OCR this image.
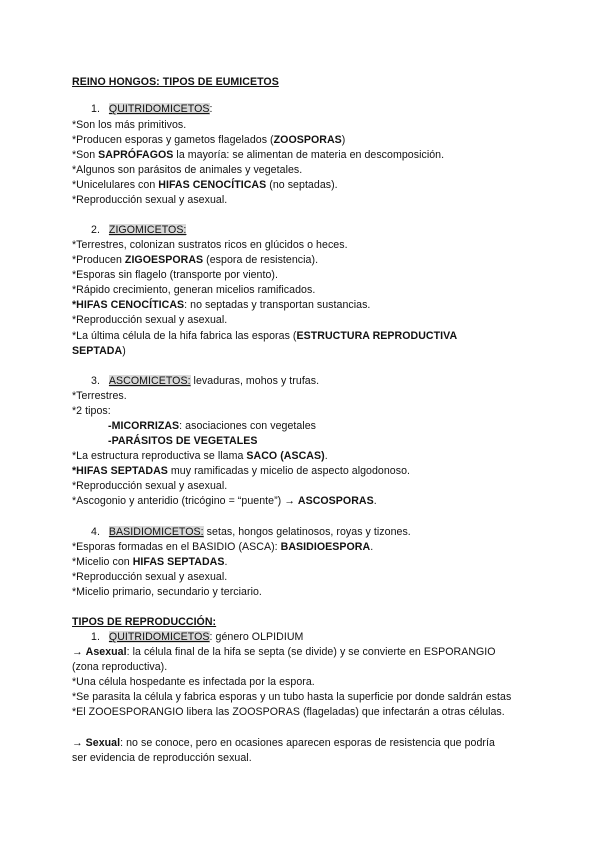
REINO HONGOS: TIPOS DE EUMICETOS
1. QUITRIDOMICETOS:
*Son los más primitivos.
*Producen esporas y gametos flagelados (ZOOSPORAS)
*Son SAPRÓFAGOS la mayoría: se alimentan de materia en descomposición.
*Algunos son parásitos de animales y vegetales.
*Unicelulares con HIFAS CENOCÍTICAS (no septadas).
*Reproducción sexual y asexual.
2. ZIGOMICETOS:
*Terrestres, colonizan sustratos ricos en glúcidos o heces.
*Producen ZIGOESPORAS (espora de resistencia).
*Esporas sin flagelo (transporte por viento).
*Rápido crecimiento, generan micelios ramificados.
*HIFAS CENOCÍTICAS: no septadas y transportan sustancias.
*Reproducción sexual y asexual.
*La última célula de la hifa fabrica las esporas (ESTRUCTURA REPRODUCTIVA
SEPTADA)
3. ASCOMICETOS: levaduras, mohos y trufas.
*Terrestres.
*2 tipos:
-MICORRIZAS: asociaciones con vegetales
-PARÁSITOS DE VEGETALES
*La estructura reproductiva se llama SACO (ASCAS).
*HIFAS SEPTADAS muy ramificadas y micelio de aspecto algodonoso.
*Reproducción sexual y asexual.
*Ascogonio y anteridio (tricógino = “puente”) → ASCOSPORAS.
4. BASIDIOMICETOS: setas, hongos gelatinosos, royas y tizones.
*Esporas formadas en el BASIDIO (ASCA): BASIDIOESPORA.
*Micelio con HIFAS SEPTADAS.
*Reproducción sexual y asexual.
*Micelio primario, secundario y terciario.
TIPOS DE REPRODUCCIÓN:
1. QUITRIDOMICETOS: género OLPIDIUM
→ Asexual: la célula final de la hifa se septa (se divide) y se convierte en ESPORANGIO
(zona reproductiva).
*Una célula hospedante es infectada por la espora.
*Se parasita la célula y fabrica esporas y un tubo hasta la superficie por donde saldrán estas
*El ZOOESPORANGIO libera las ZOOSPORAS (flageladas) que infectarán a otras células.
→ Sexual: no se conoce, pero en ocasiones aparecen esporas de resistencia que podría
ser evidencia de reproducción sexual.
